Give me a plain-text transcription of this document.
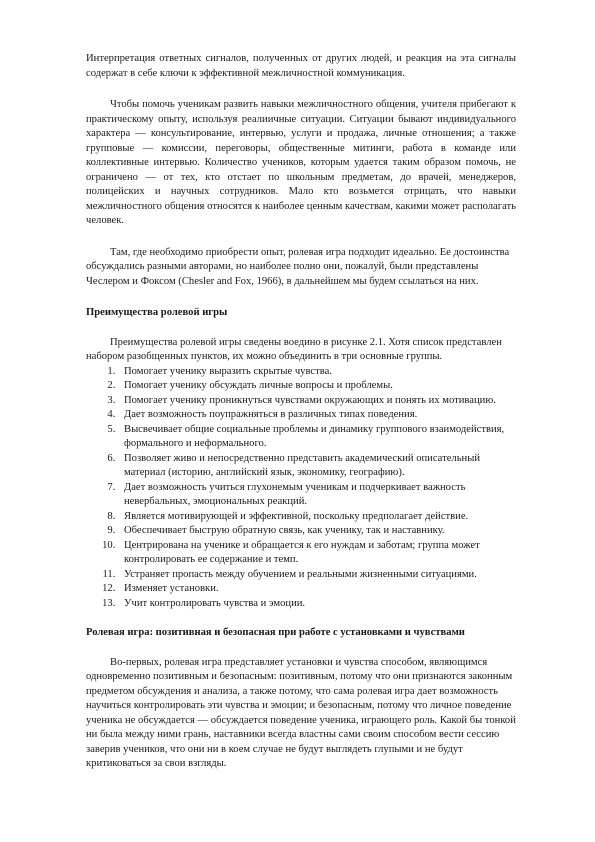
Интерпретация ответных сигналов, полученных от других людей, и реакция на эта сигналы содержат в себе ключи к эффективной межличностной коммуникация.

Чтобы помочь ученикам развить навыки межличностного общения, учителя прибегают к практическому опыту, используя реалиичные ситуации. Ситуации бывают индивидуального характера — консультирование, интервью, услуги и продажа, личные отношения; а также групповые — комиссии, переговоры, общественные митинги, работа в команде или коллективные интервью. Количество учеников, которым удается таким образом помочь, не ограничено — от тех, кто отстает по школьным предметам, до врачей, менеджеров, полицейских и научных сотрудников. Мало кто возьмется отрицать, что навыки межличностного общения относятся к наиболее ценным качествам, какими может располагать человек.

Там, где необходимо приобрести опыт, ролевая игра подходит идеально. Ее достоинства обсуждались разными авторами, но наиболее полно они, пожалуй, были представлены Чеслером и Фоксом (Chesler and Fox, 1966), в дальнейшем мы будем ссылаться на них.

Преимущества ролевой игры

Преимущества ролевой игры сведены воедино в рисунке 2.1. Хотя список представлен набором разобщенных пунктов, их можно объединить в три основные группы.

1. Помогает ученику выразить скрытые чувства.
2. Помогает ученику обсуждать личные вопросы и проблемы.
3. Помогает ученику проникнуться чувствами окружающих и понять их мотивацию.
4. Дает возможность поупражняться в различных типах поведения.
5. Высвечивает общие социальные проблемы и динамику группового взаимодействия, формального и неформального.
6. Позволяет живо и непосредственно представить академический описательный материал (историю, английский язык, экономику, географию).
7. Дает возможность учиться глухонемым ученикам и подчеркивает важность невербальных, эмоциональных реакций.
8. Является мотивирующей и эффективной, поскольку предполагает действие.
9. Обеспечивает быструю обратную связь, как ученику, так и наставнику.
10. Центрирована на ученике и обращается к его нуждам и заботам; группа может контролировать ее содержание и темп.
11. Устраняет пропасть между обучением и реальными жизненными ситуациями.
12. Изменяет установки.
13. Учит контролировать чувства и эмоции.
Ролевая игра: позитивная и безопасная при работе с установками и чувствами

Во-первых, ролевая игра представляет установки и чувства способом, являющимся одновременно позитивным и безопасным: позитивным, потому что они признаются законным предметом обсуждения и анализа, а также потому, что сама ролевая игра дает возможность научиться контролировать эти чувства и эмоции; и безопасным, потому что личное поведение ученика не обсуждается — обсуждается поведение ученика, играющего роль. Какой бы тонкой ни была между ними грань, наставники всегда властны сами своим способом вести сессию заверив учеников, что они ни в коем случае не будут выглядеть глупыми и не будут критиковаться за свои взгляды.
